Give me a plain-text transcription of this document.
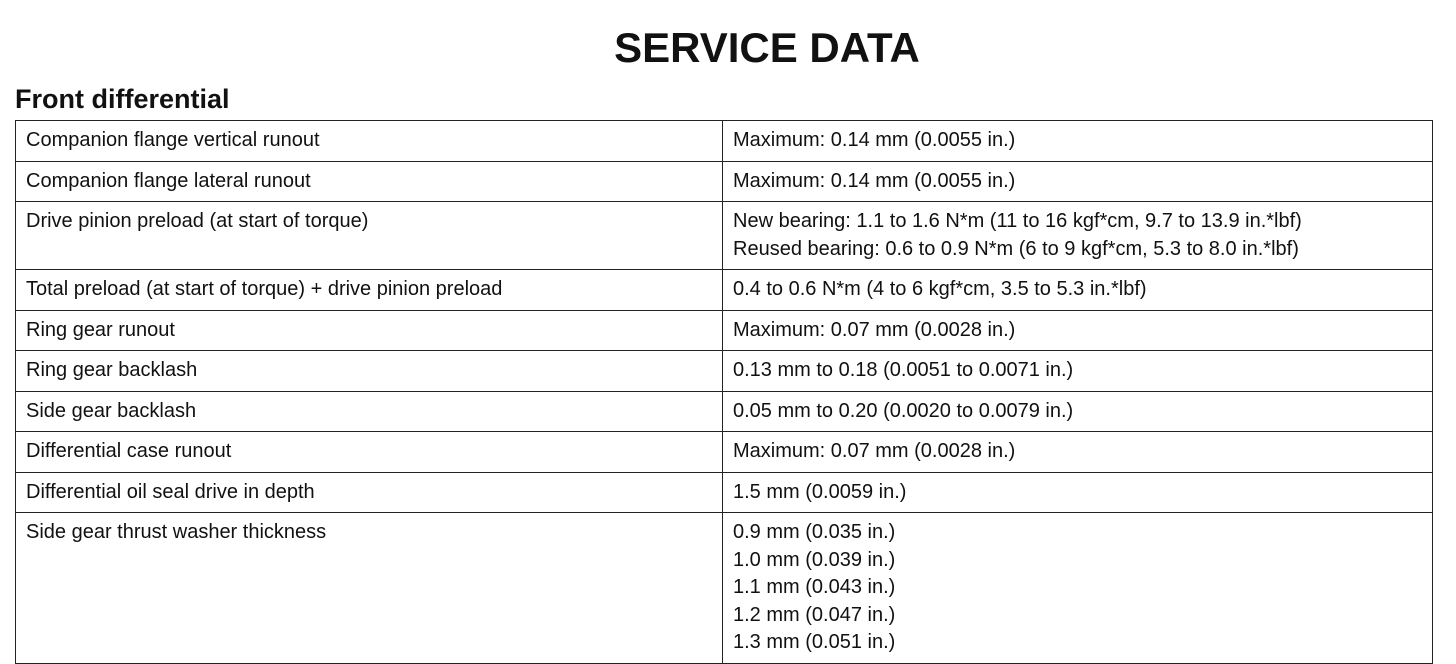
SERVICE DATA
Front differential
Companion flange vertical runout	Maximum: 0.14 mm (0.0055 in.)

Companion flange lateral runout	Maximum: 0.14 mm (0.0055 in.)

Drive pinion preload (at start of torque)	New bearing: 1.1 to 1.6 N*m (11 to 16 kgf*cm, 9.7 to 13.9 in.*lbf)
Reused bearing: 0.6 to 0.9 N*m (6 to 9 kgf*cm, 5.3 to 8.0 in.*lbf)

Total preload (at start of torque) + drive pinion preload	0.4 to 0.6 N*m (4 to 6 kgf*cm, 3.5 to 5.3 in.*lbf)

Ring gear runout	Maximum: 0.07 mm (0.0028 in.)

Ring gear backlash	0.13 mm to 0.18 (0.0051 to 0.0071 in.)

Side gear backlash	0.05 mm to 0.20 (0.0020 to 0.0079 in.)

Differential case runout	Maximum: 0.07 mm (0.0028 in.)

Differential oil seal drive in depth	1.5 mm (0.0059 in.)

Side gear thrust washer thickness	0.9 mm (0.035 in.)
1.0 mm (0.039 in.)
1.1 mm (0.043 in.)
1.2 mm (0.047 in.)
1.3 mm (0.051 in.)
